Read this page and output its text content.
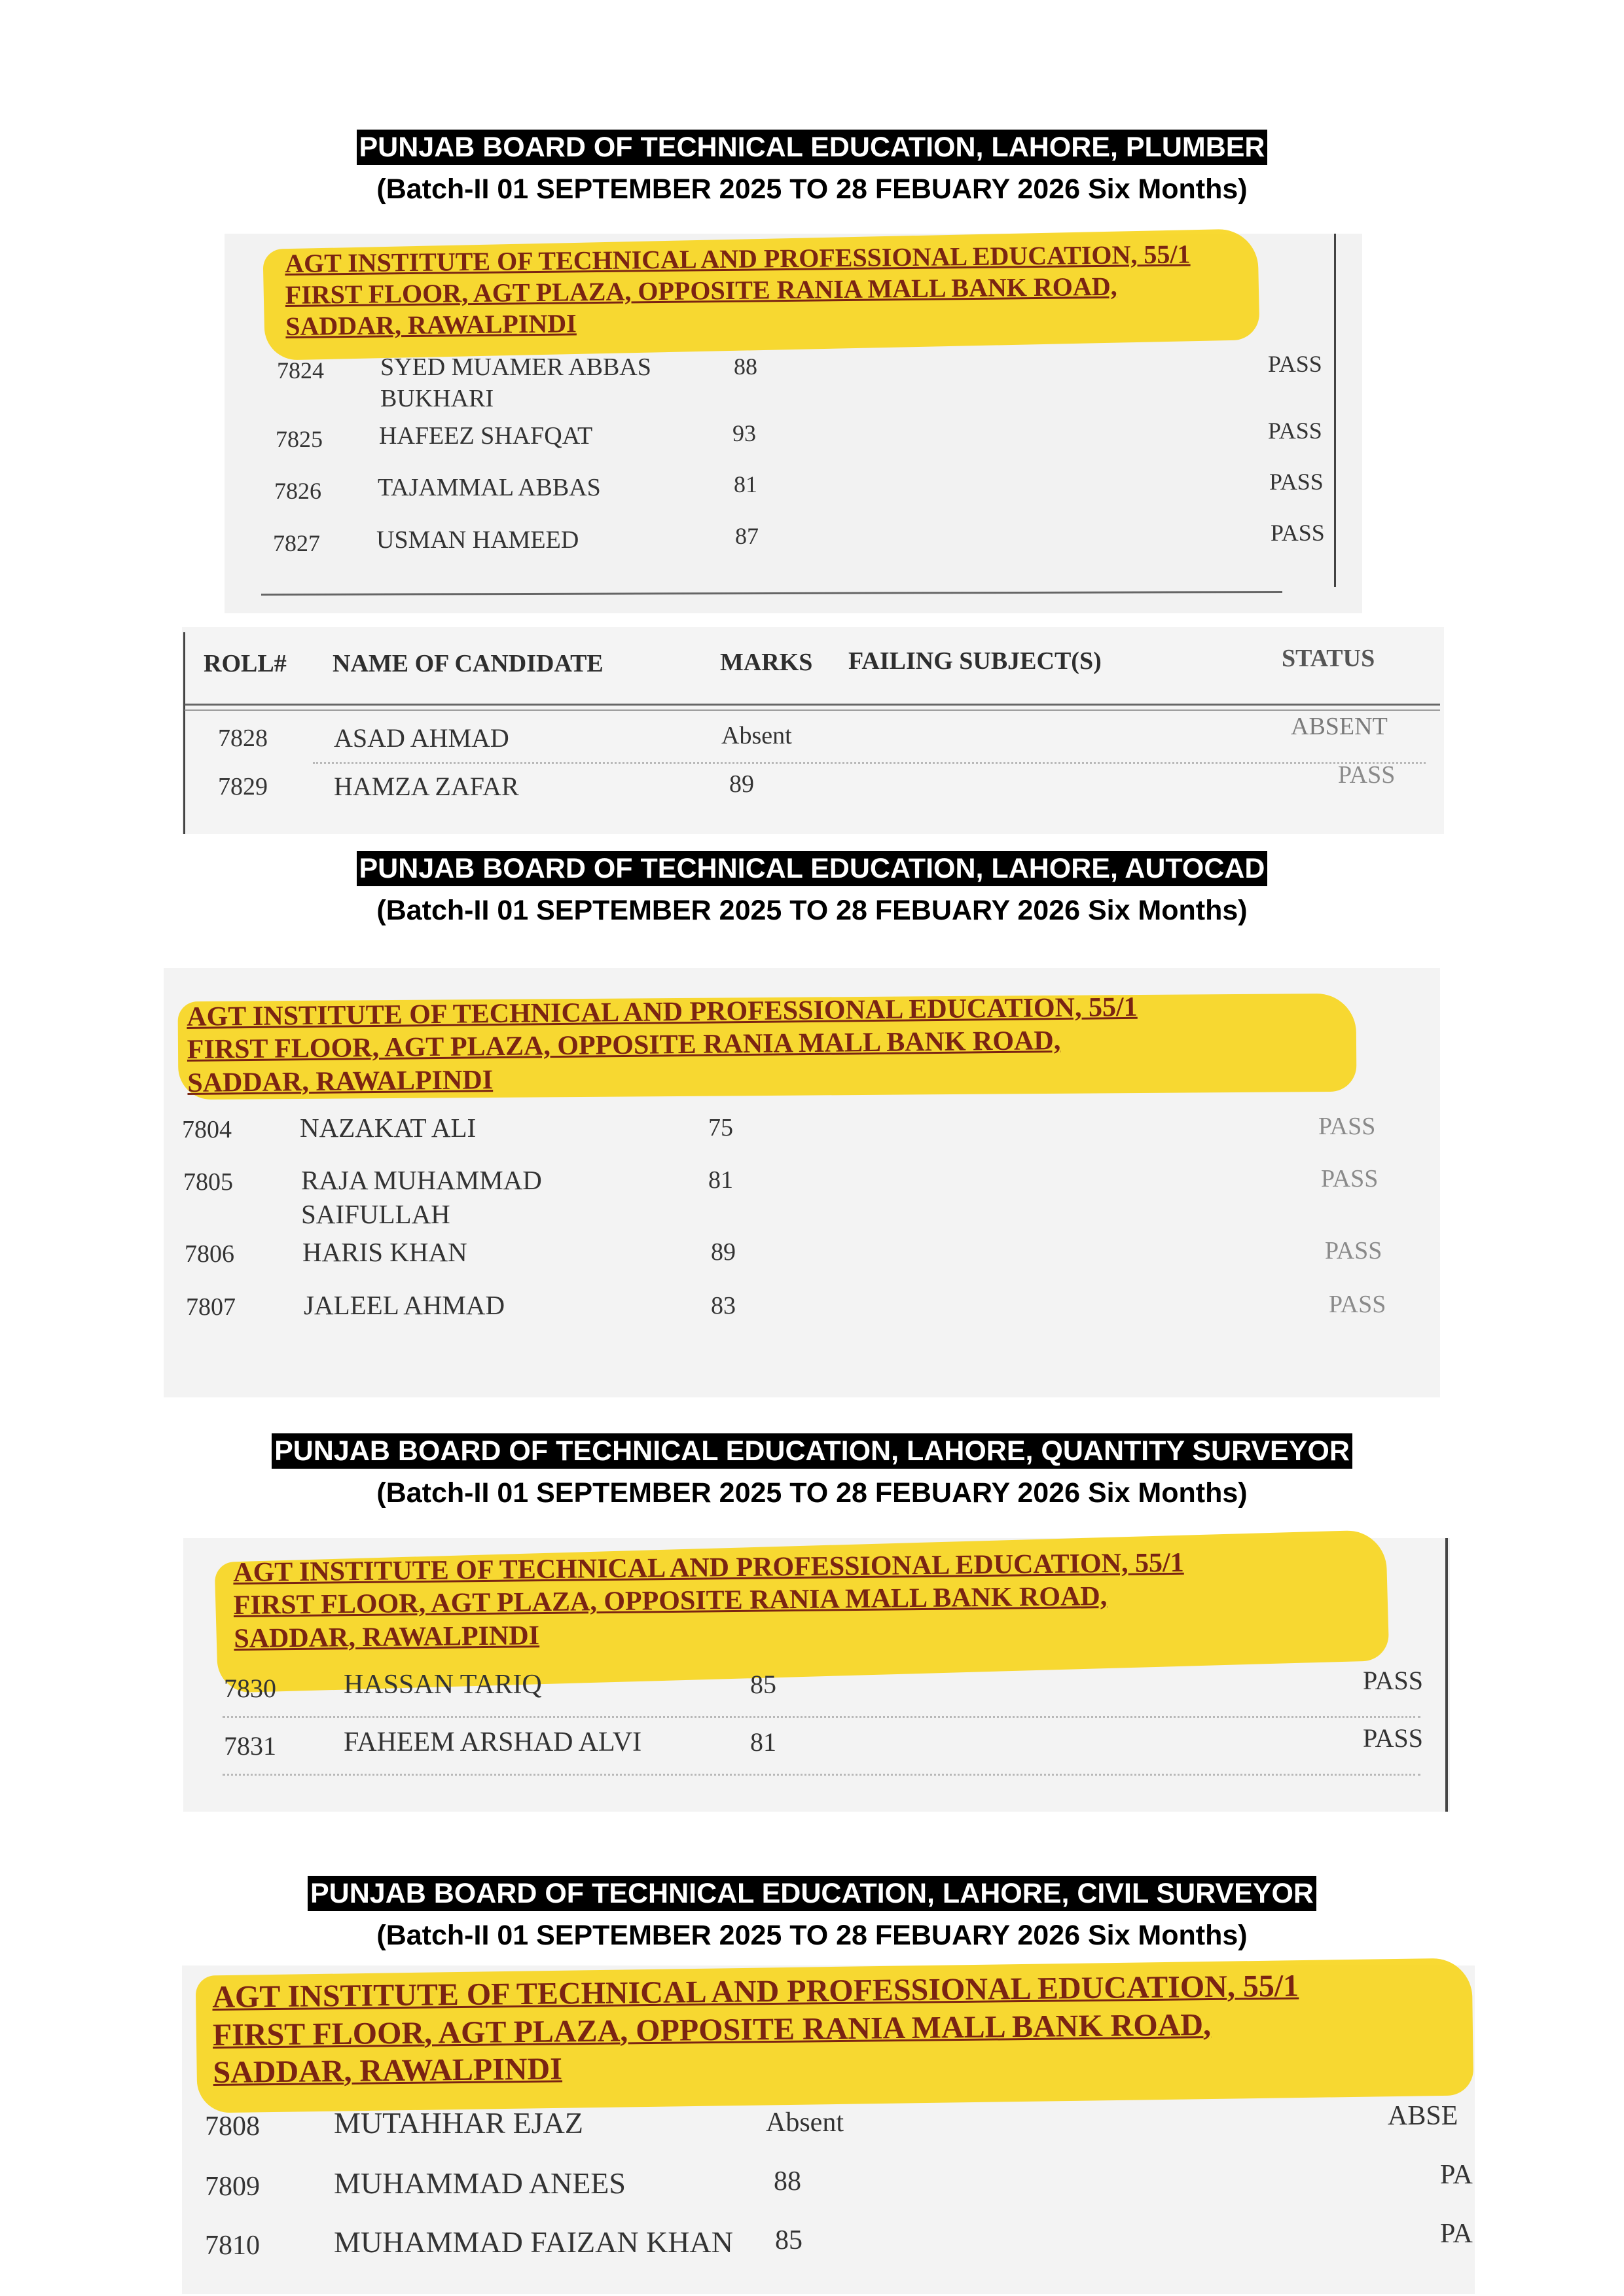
PUNJAB BOARD OF TECHNICAL EDUCATION, LAHORE, PLUMBER
(Batch-II 01 SEPTEMBER 2025 TO 28 FEBUARY 2026 Six Months)
AGT INSTITUTE OF TECHNICAL AND PROFESSIONAL EDUCATION, 55/1
FIRST FLOOR, AGT PLAZA, OPPOSITE RANIA MALL BANK ROAD,
SADDAR, RAWALPINDI
7824 SYED MUAMER ABBAS
BUKHARI
88	PASS
7825 HAFEEZ SHAFQAT	93	PASS
7826 TAJAMMAL ABBAS	81	PASS
7827 USMAN HAMEED	87	PASS
ROLL# NAME OF CANDIDATE	MARKS FAILING SUBJECT(S)	STATUS
7828	ASAD AHMAD	Absent	ABSENT
7829	HAMZA ZAFAR	89	PASS
PUNJAB BOARD OF TECHNICAL EDUCATION, LAHORE, AUTOCAD
(Batch-II 01 SEPTEMBER 2025 TO 28 FEBUARY 2026 Six Months)
AGT INSTITUTE OF TECHNICAL AND PROFESSIONAL EDUCATION, 55/1
FIRST FLOOR, AGT PLAZA, OPPOSITE RANIA MALL BANK ROAD,
SADDAR, RAWALPINDI
7804	NAZAKAT ALI	75	PASS
7805	RAJA MUHAMMAD
SAIFULLAH
81	PASS
7806	HARIS KHAN	89	PASS
7807	JALEEL AHMAD	83	PASS
PUNJAB BOARD OF TECHNICAL EDUCATION, LAHORE, QUANTITY SURVEYOR
(Batch-II 01 SEPTEMBER 2025 TO 28 FEBUARY 2026 Six Months)
AGT INSTITUTE OF TECHNICAL AND PROFESSIONAL EDUCATION, 55/1
FIRST FLOOR, AGT PLAZA, OPPOSITE RANIA MALL BANK ROAD,
SADDAR, RAWALPINDI
7830 HASSAN TARIQ	85	PASS
7831 FAHEEM ARSHAD ALVI	81	PASS
PUNJAB BOARD OF TECHNICAL EDUCATION, LAHORE, CIVIL SURVEYOR
(Batch-II 01 SEPTEMBER 2025 TO 28 FEBUARY 2026 Six Months)
AGT INSTITUTE OF TECHNICAL AND PROFESSIONAL EDUCATION, 55/1
FIRST FLOOR, AGT PLAZA, OPPOSITE RANIA MALL BANK ROAD,
SADDAR, RAWALPINDI
7808 MUTAHHAR EJAZ	Absent	ABSE
7809 MUHAMMAD ANEES	88	PA
7810 MUHAMMAD FAIZAN KHAN 85	PA
